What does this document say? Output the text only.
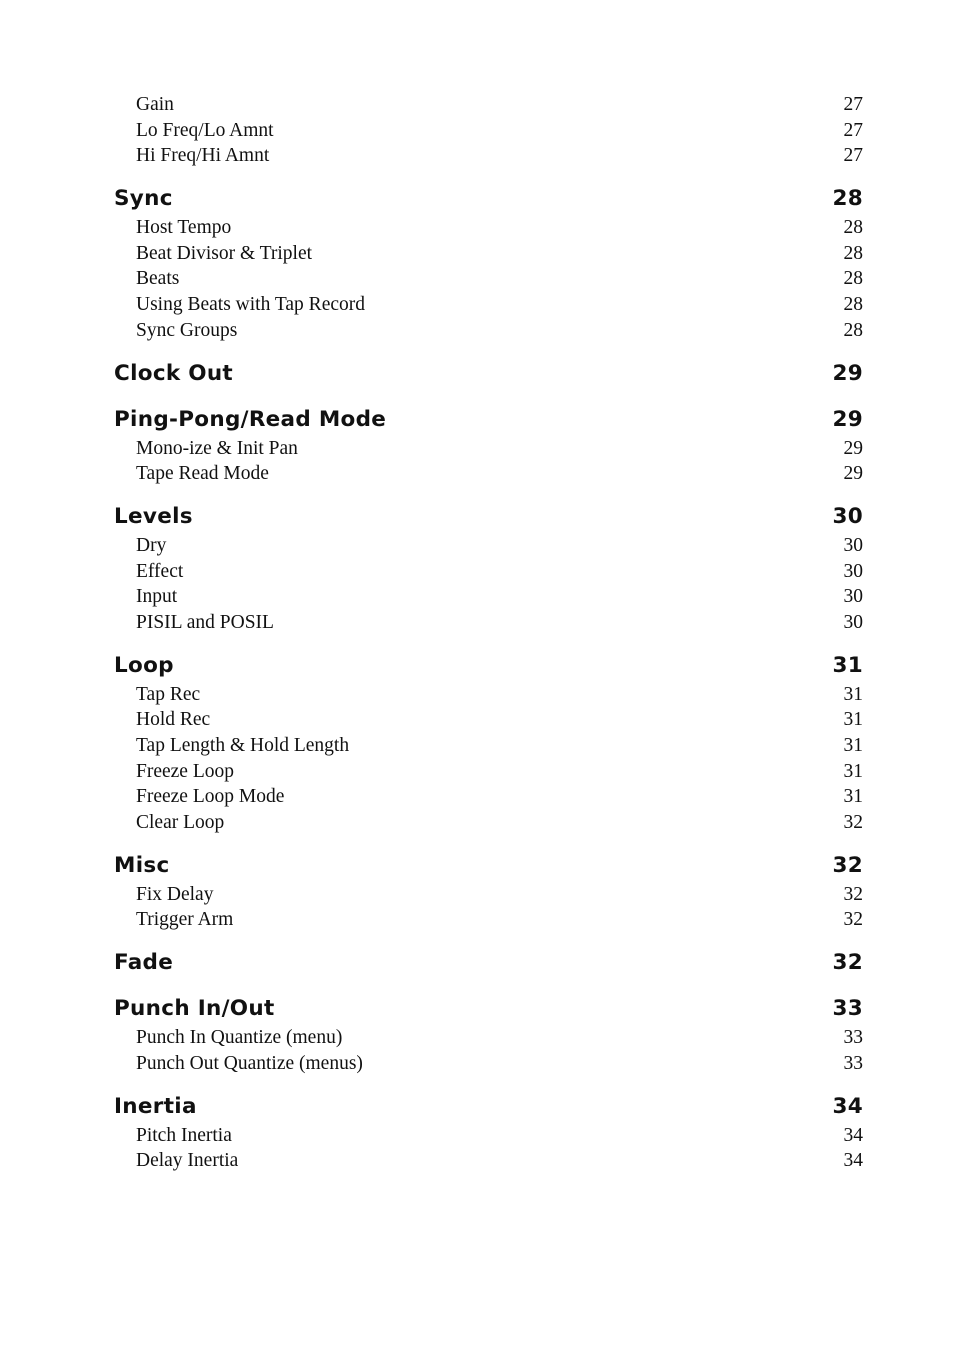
Gain	27
Lo Freq/Lo Amnt	27
Hi Freq/Hi Amnt	27
Sync	28
Host Tempo	28
Beat Divisor & Triplet	28
Beats	28
Using Beats with Tap Record	28
Sync Groups	28
Clock Out	29
Ping-Pong/Read Mode	29
Mono-ize & Init Pan	29
Tape Read Mode	29
Levels	30
Dry	30
Effect	30
Input	30
PISIL and POSIL	30
Loop	31
Tap Rec	31
Hold Rec	31
Tap Length & Hold Length	31
Freeze Loop	31
Freeze Loop Mode	31
Clear Loop	32
Misc	32
Fix Delay	32
Trigger Arm	32
Fade	32
Punch In/Out	33
Punch In Quantize (menu)	33
Punch Out Quantize (menus)	33
Inertia	34
Pitch Inertia	34
Delay Inertia	34
